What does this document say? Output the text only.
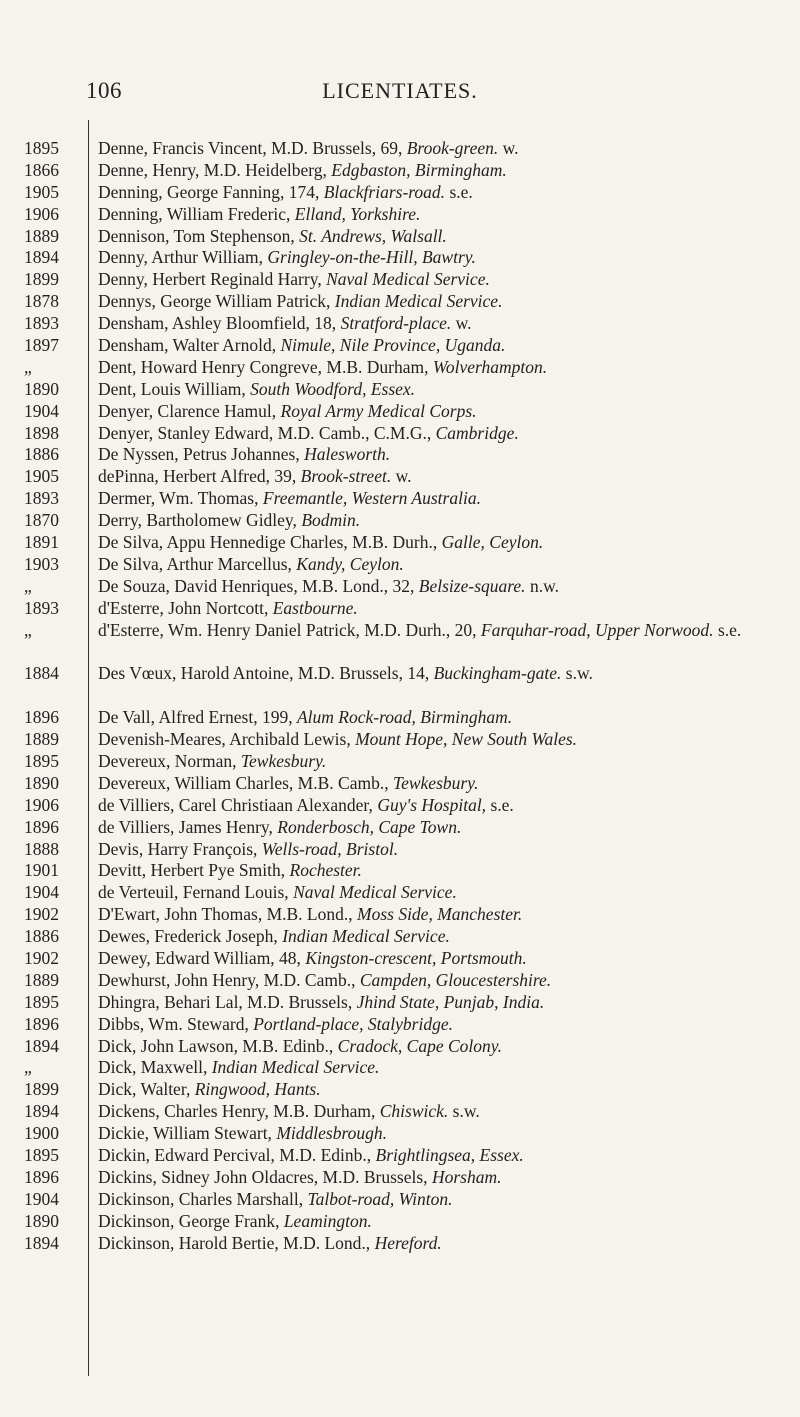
106	LICENTIATES.
1895	Denne, Francis Vincent, M.D. Brussels, 69, Brook-green. w.
1866	Denne, Henry, M.D. Heidelberg, Edgbaston, Birmingham.
1905	Denning, George Fanning, 174, Blackfriars-road. s.e.
1906	Denning, William Frederic, Elland, Yorkshire.
1889	Dennison, Tom Stephenson, St. Andrews, Walsall.
1894	Denny, Arthur William, Gringley-on-the-Hill, Bawtry.
1899	Denny, Herbert Reginald Harry, Naval Medical Service.
1878	Dennys, George William Patrick, Indian Medical Service.
1893	Densham, Ashley Bloomfield, 18, Stratford-place. w.
1897	Densham, Walter Arnold, Nimule, Nile Province, Uganda.
„	Dent, Howard Henry Congreve, M.B. Durham, Wolverhampton.
1890	Dent, Louis William, South Woodford, Essex.
1904	Denyer, Clarence Hamul, Royal Army Medical Corps.
1898	Denyer, Stanley Edward, M.D. Camb., C.M.G., Cambridge.
1886	De Nyssen, Petrus Johannes, Halesworth.
1905	dePinna, Herbert Alfred, 39, Brook-street. w.
1893	Dermer, Wm. Thomas, Freemantle, Western Australia.
1870	Derry, Bartholomew Gidley, Bodmin.
1891	De Silva, Appu Hennedige Charles, M.B. Durh., Galle, Ceylon.
1903	De Silva, Arthur Marcellus, Kandy, Ceylon.
„	De Souza, David Henriques, M.B. Lond., 32, Belsize-square. n.w.
1893	d'Esterre, John Nortcott, Eastbourne.
„	d'Esterre, Wm. Henry Daniel Patrick, M.D. Durh., 20, Farquhar-road, Upper Norwood. s.e.
1884	Des Vœux, Harold Antoine, M.D. Brussels, 14, Buckingham-gate. s.w.
1896	De Vall, Alfred Ernest, 199, Alum Rock-road, Birmingham.
1889	Devenish-Meares, Archibald Lewis, Mount Hope, New South Wales.
1895	Devereux, Norman, Tewkesbury.
1890	Devereux, William Charles, M.B. Camb., Tewkesbury.
1906	de Villiers, Carel Christiaan Alexander, Guy's Hospital, s.e.
1896	de Villiers, James Henry, Ronderbosch, Cape Town.
1888	Devis, Harry François, Wells-road, Bristol.
1901	Devitt, Herbert Pye Smith, Rochester.
1904	de Verteuil, Fernand Louis, Naval Medical Service.
1902	D'Ewart, John Thomas, M.B. Lond., Moss Side, Manchester.
1886	Dewes, Frederick Joseph, Indian Medical Service.
1902	Dewey, Edward William, 48, Kingston-crescent, Portsmouth.
1889	Dewhurst, John Henry, M.D. Camb., Campden, Gloucestershire.
1895	Dhingra, Behari Lal, M.D. Brussels, Jhind State, Punjab, India.
1896	Dibbs, Wm. Steward, Portland-place, Stalybridge.
1894	Dick, John Lawson, M.B. Edinb., Cradock, Cape Colony.
„	Dick, Maxwell, Indian Medical Service.
1899	Dick, Walter, Ringwood, Hants.
1894	Dickens, Charles Henry, M.B. Durham, Chiswick. s.w.
1900	Dickie, William Stewart, Middlesbrough.
1895	Dickin, Edward Percival, M.D. Edinb., Brightlingsea, Essex.
1896	Dickins, Sidney John Oldacres, M.D. Brussels, Horsham.
1904	Dickinson, Charles Marshall, Talbot-road, Winton.
1890	Dickinson, George Frank, Leamington.
1894	Dickinson, Harold Bertie, M.D. Lond., Hereford.
